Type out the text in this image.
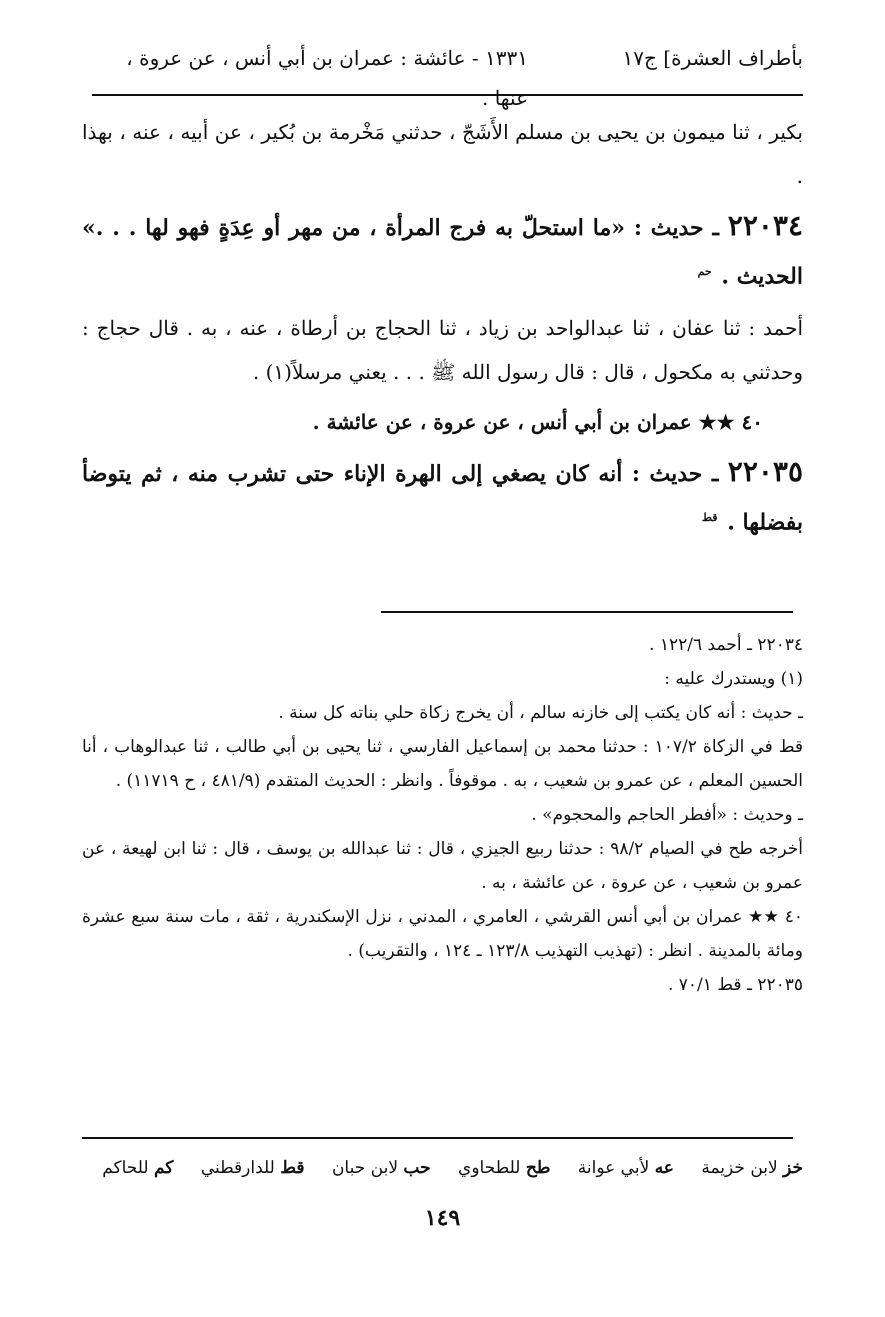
بأطراف العشرة] ج١٧
١٣٣١ - عائشة : عمران بن أبي أنس ، عن عروة ، عنها .

بكير ، ثنا ميمون بن يحيى بن مسلم الأَشَجّ ، حدثني مَخْرمة بن بُكير ، عن أبيه ، عنه ، بهذا .

٢٢٠٣٤ ـ حديث : «ما استحلّ به فرج المرأة ، من مهر أو عِدَةٍ فهو لها . . .» الحديث . $^{حم}$

أحمد : ثنا عفان ، ثنا عبدالواحد بن زياد ، ثنا الحجاج بن أرطاة ، عنه ، به . قال حجاج : وحدثني به مكحول ، قال : قال رسول الله ﷺ . . . يعني مرسلاً(١) .

٤٠ ★★ عمران بن أبي أنس ، عن عروة ، عن عائشة .

٢٢٠٣٥ ـ حديث : أنه كان يصغي إلى الهرة الإناء حتى تشرب منه ، ثم يتوضأ بفضلها . $^{قط}$

٢٢٠٣٤ ـ أحمد ١٢٢/٦ .

(١) ويستدرك عليه :

ـ حديث : أنه كان يكتب إلى خازنه سالم ، أن يخرج زكاة حلي بناته كل سنة .

قط في الزكاة ١٠٧/٢ : حدثنا محمد بن إسماعيل الفارسي ، ثنا يحيى بن أبي طالب ، ثنا عبدالوهاب ، أنا الحسين المعلم ، عن عمرو بن شعيب ، به . موقوفاً . وانظر : الحديث المتقدم (٤٨١/٩ ، ح ١١٧١٩) .

ـ وحديث : «أفطر الحاجم والمحجوم» .

أخرجه طح في الصيام ٩٨/٢ : حدثنا ربيع الجيزي ، قال : ثنا عبدالله بن يوسف ، قال : ثنا ابن لهيعة ، عن عمرو بن شعيب ، عن عروة ، عن عائشة ، به .

٤٠ ★★ عمران بن أبي أنس القرشي ، العامري ، المدني ، نزل الإسكندرية ، ثقة ، مات سنة سبع عشرة ومائة بالمدينة . انظر : (تهذيب التهذيب ١٢٣/٨ ـ ١٢٤ ، والتقريب) .

٢٢٠٣٥ ـ قط ٧٠/١ .

خز لابن خزيمة عه لأبي عوانة طح للطحاوي حب لابن حبان قط للدارقطني كم للحاكم
١٤٩
